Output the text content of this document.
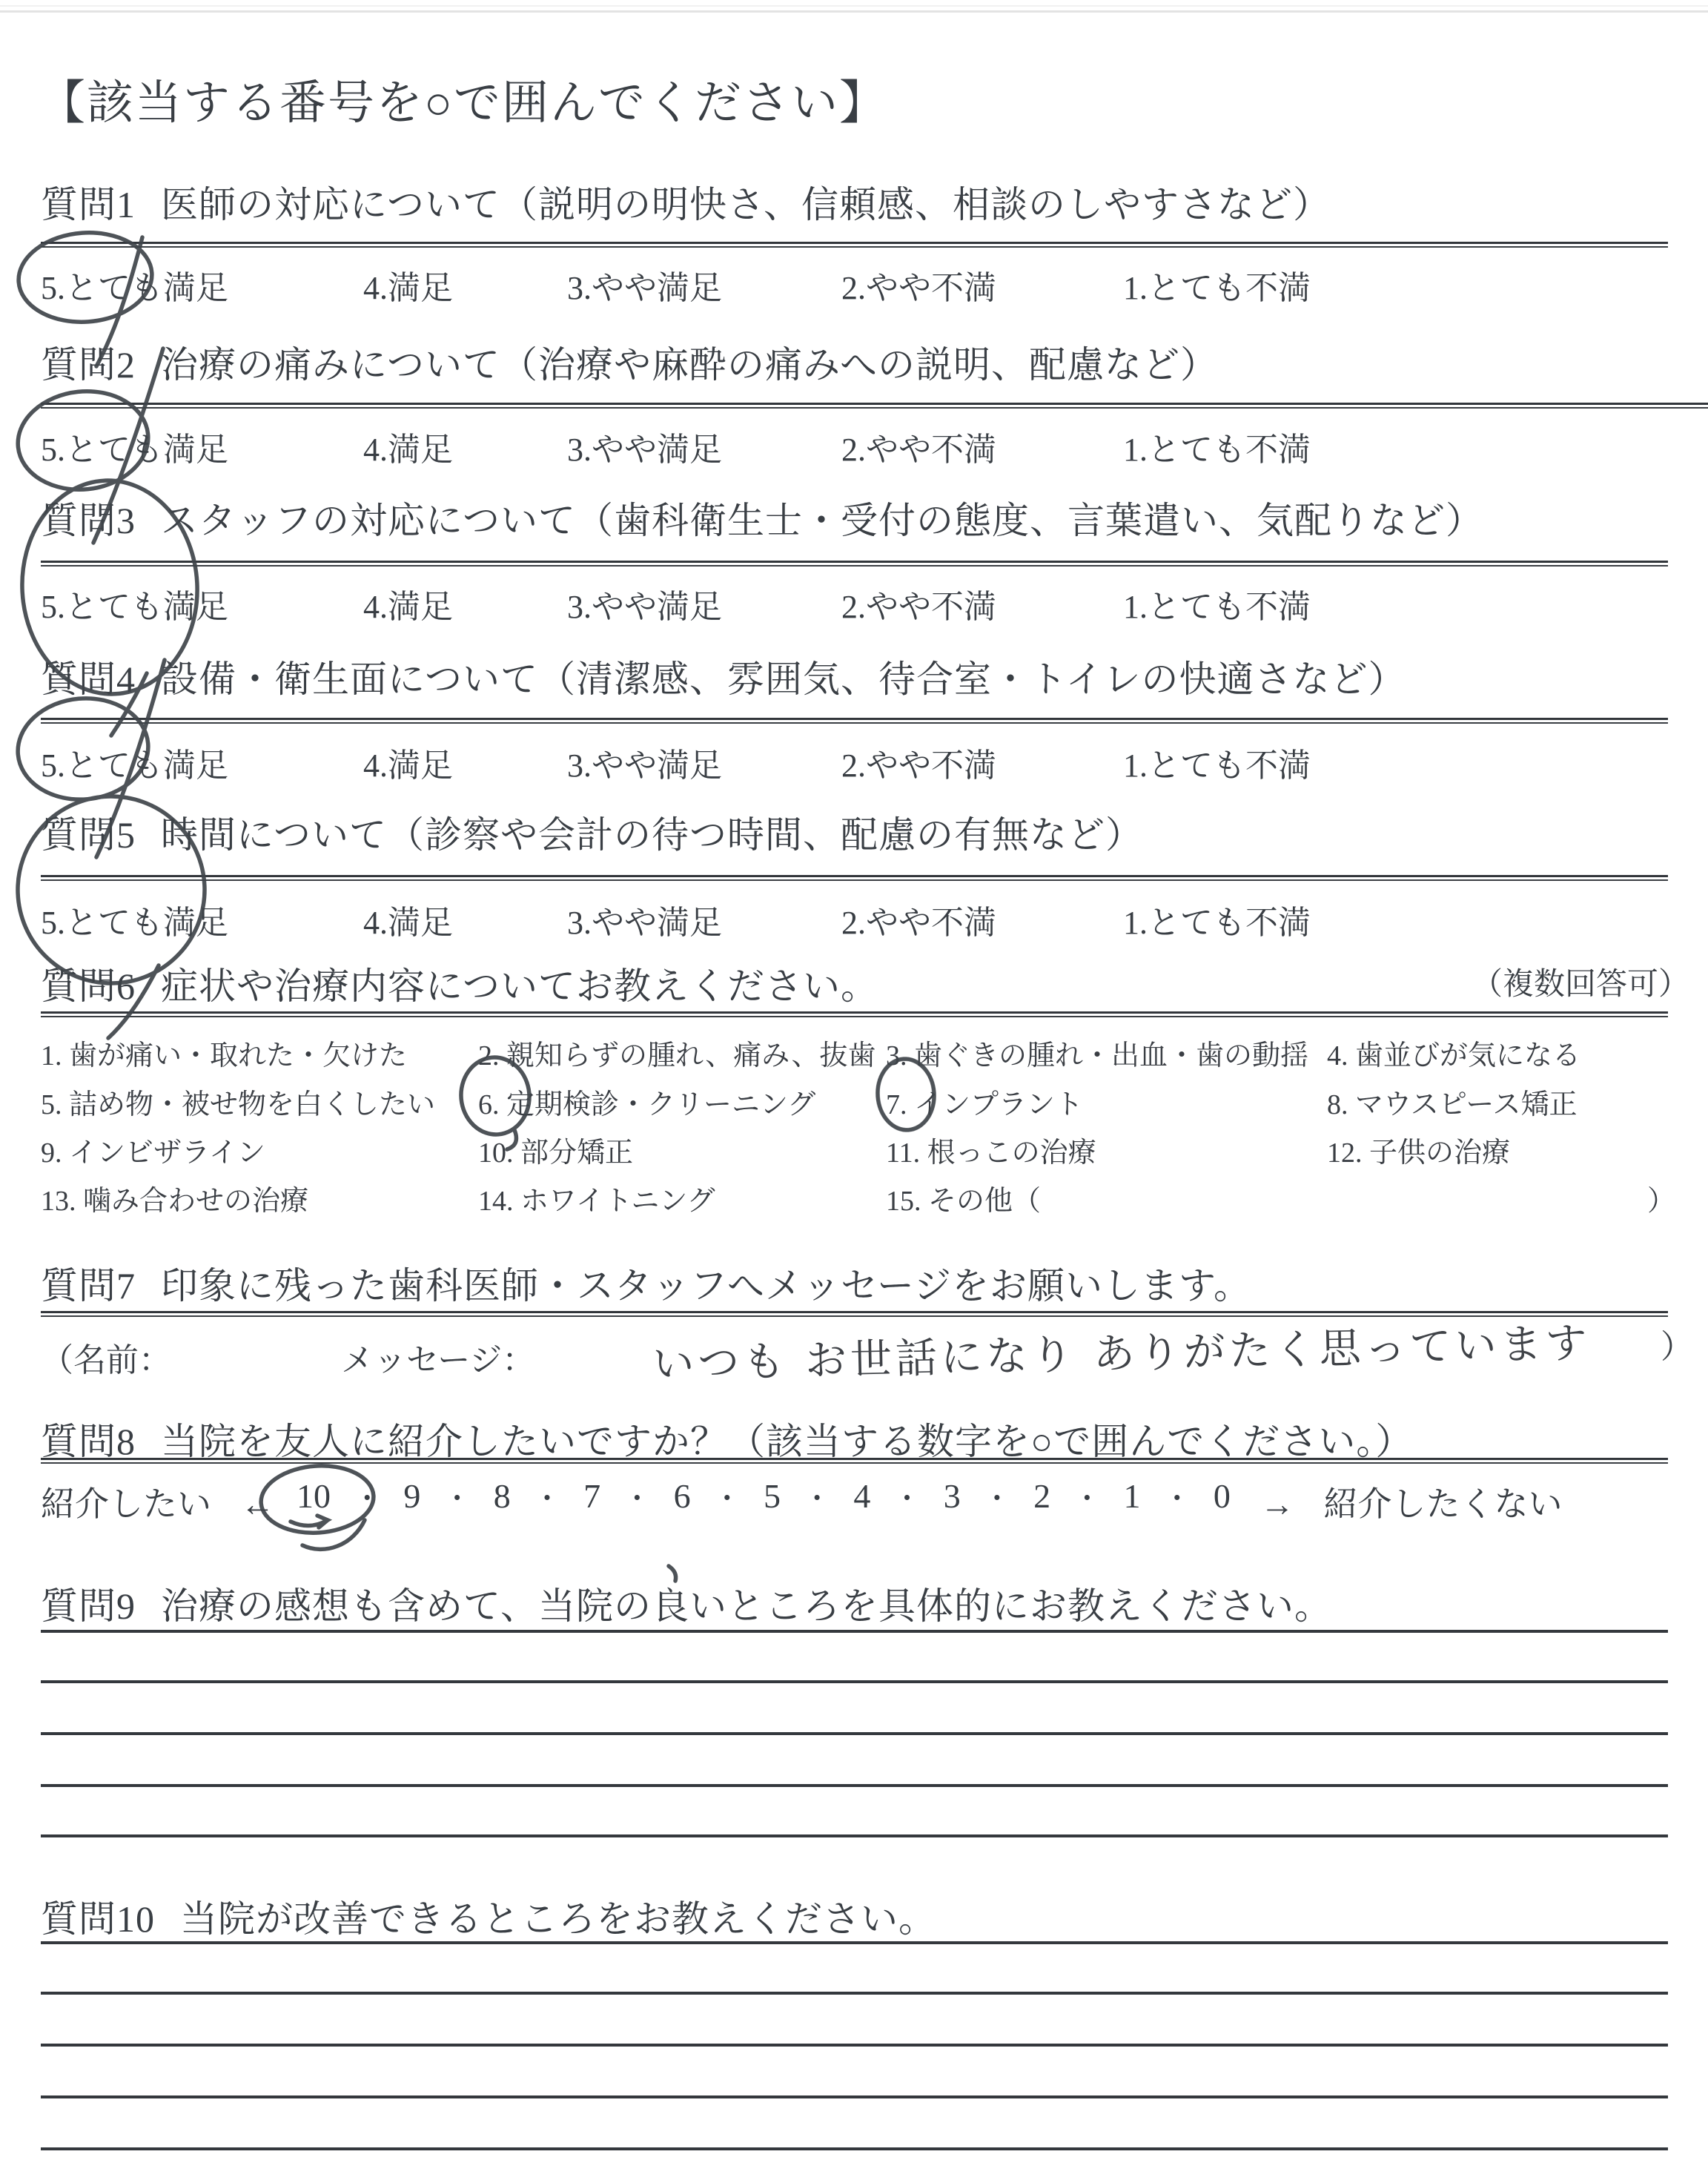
【該当する番号を○で囲んでください】
質問1 医師の対応について（説明の明快さ、信頼感、相談のしやすさなど）
5.とても満足	4.満足	3.やや満足	2.やや不満	1.とても不満
質問2 治療の痛みについて（治療や麻酔の痛みへの説明、配慮など）
5.とても満足	4.満足	3.やや満足	2.やや不満	1.とても不満
質問3 スタッフの対応について（歯科衛生士・受付の態度、言葉遣い、気配りなど）
5.とても満足	4.満足	3.やや満足	2.やや不満	1.とても不満
質問4 設備・衛生面について（清潔感、雰囲気、待合室・トイレの快適さなど）
5.とても満足	4.満足	3.やや満足	2.やや不満	1.とても不満
質問5 時間について（診察や会計の待つ時間、配慮の有無など）
5.とても満足	4.満足	3.やや満足	2.やや不満	1.とても不満
質問6 症状や治療内容についてお教えください。	（複数回答可）
1. 歯が痛い・取れた・欠けた	2. 親知らずの腫れ、痛み、抜歯 3. 歯ぐきの腫れ・出血・歯の動揺 4. 歯並びが気になる
5. 詰め物・被せ物を白くしたい 6. 定期検診・クリーニング 7. インプラント	8. マウスピース矯正
9. インビザライン	10. 部分矯正	11. 根っこの治療	12. 子供の治療
13. 噛み合わせの治療	14. ホワイトニング	15. その他（	）
質問7 印象に残った歯科医師・スタッフへメッセージをお願いします。
（名前：	メッセージ：	）
いつも お世話になり ありがたく思っています
質問8 当院を友人に紹介したいですか？（該当する数字を○で囲んでください。）
紹介したい ← 10 ・ 9 ・ 8 ・ 7 ・ 6 ・ 5 ・ 4 ・ 3 ・ 2 ・ 1 ・ 0 → 紹介したくない
質問9 治療の感想も含めて、当院の良いところを具体的にお教えください。
質問10 当院が改善できるところをお教えください。
